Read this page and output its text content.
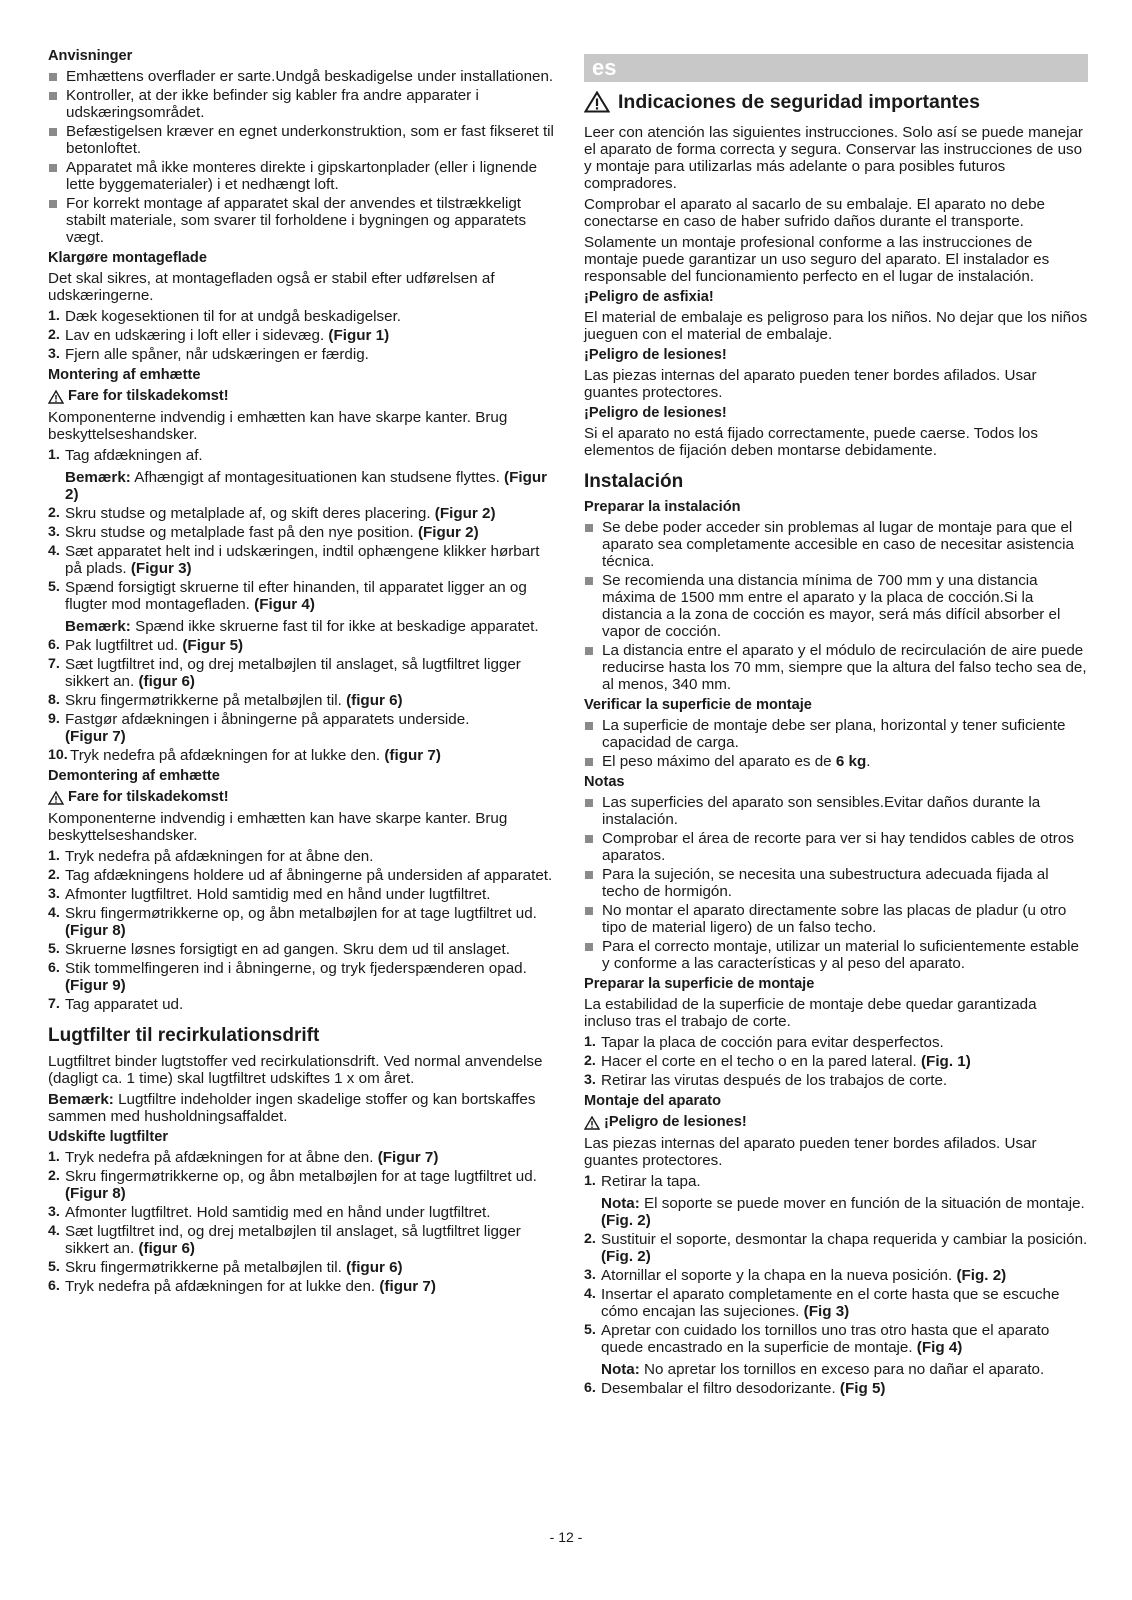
Anvisninger
Emhættens overflader er sarte.Undgå beskadigelse under installationen.
Kontroller, at der ikke befinder sig kabler fra andre apparater i udskæringsområdet.
Befæstigelsen kræver en egnet underkonstruktion, som er fast fikseret til betonloftet.
Apparatet må ikke monteres direkte i gipskartonplader (eller i lignende lette byggematerialer) i et nedhængt loft.
For korrekt montage af apparatet skal der anvendes et tilstrækkeligt stabilt materiale, som svarer til forholdene i bygningen og apparatets vægt.
Klargøre montageflade

Det skal sikres, at montagefladen også er stabil efter udførelsen af udskæringerne.

1. Dæk kogesektionen til for at undgå beskadigelser.
2. Lav en udskæring i loft eller i sidevæg. (Figur 1)
3. Fjern alle spåner, når udskæringen er færdig.
Montering af emhætte
Fare for tilskadekomst!

Komponenterne indvendig i emhætten kan have skarpe kanter. Brug beskyttelseshandsker.

1. Tag afdækningen af.
Bemærk: Afhængigt af montagesituationen kan studsene flyttes. (Figur 2)
2. Skru studse og metalplade af, og skift deres placering. (Figur 2)
3. Skru studse og metalplade fast på den nye position. (Figur 2)
4. Sæt apparatet helt ind i udskæringen, indtil ophængene klikker hørbart på plads. (Figur 3)
5. Spænd forsigtigt skruerne til efter hinanden, til apparatet ligger an og flugter mod montagefladen. (Figur 4)
Bemærk: Spænd ikke skruerne fast til for ikke at beskadige apparatet.
6. Pak lugtfiltret ud. (Figur 5)
7. Sæt lugtfiltret ind, og drej metalbøjlen til anslaget, så lugtfiltret ligger sikkert an. (figur 6)
8. Skru fingermøtrikkerne på metalbøjlen til. (figur 6)
9. Fastgør afdækningen i åbningerne på apparatets underside.
(Figur 7)
10. Tryk nedefra på afdækningen for at lukke den. (figur 7)
Demontering af emhætte
Fare for tilskadekomst!

Komponenterne indvendig i emhætten kan have skarpe kanter. Brug beskyttelseshandsker.

1. Tryk nedefra på afdækningen for at åbne den.
2. Tag afdækningens holdere ud af åbningerne på undersiden af apparatet.
3. Afmonter lugtfiltret. Hold samtidig med en hånd under lugtfiltret.
4. Skru fingermøtrikkerne op, og åbn metalbøjlen for at tage lugtfiltret ud. (Figur 8)
5. Skruerne løsnes forsigtigt en ad gangen. Skru dem ud til anslaget.
6. Stik tommelfingeren ind i åbningerne, og tryk fjederspænderen opad. (Figur 9)
7. Tag apparatet ud.
Lugtfilter til recirkulationsdrift

Lugtfiltret binder lugtstoffer ved recirkulationsdrift. Ved normal anvendelse (dagligt ca. 1 time) skal lugtfiltret udskiftes 1 x om året.

Bemærk: Lugtfiltre indeholder ingen skadelige stoffer og kan bortskaffes sammen med husholdningsaffaldet.

Udskifte lugtfilter
1. Tryk nedefra på afdækningen for at åbne den. (Figur 7)
2. Skru fingermøtrikkerne op, og åbn metalbøjlen for at tage lugtfiltret ud. (Figur 8)
3. Afmonter lugtfiltret. Hold samtidig med en hånd under lugtfiltret.
4. Sæt lugtfiltret ind, og drej metalbøjlen til anslaget, så lugtfiltret ligger sikkert an. (figur 6)
5. Skru fingermøtrikkerne på metalbøjlen til. (figur 6)
6. Tryk nedefra på afdækningen for at lukke den. (figur 7)
es
Indicaciones de seguridad importantes

Leer con atención las siguientes instrucciones. Solo así se puede manejar el aparato de forma correcta y segura. Conservar las instrucciones de uso y montaje para utilizarlas más adelante o para posibles futuros compradores.

Comprobar el aparato al sacarlo de su embalaje. El aparato no debe conectarse en caso de haber sufrido daños durante el transporte.

Solamente un montaje profesional conforme a las instrucciones de montaje puede garantizar un uso seguro del aparato. El instalador es responsable del funcionamiento perfecto en el lugar de instalación.

¡Peligro de asfixia!

El material de embalaje es peligroso para los niños. No dejar que los niños jueguen con el material de embalaje.

¡Peligro de lesiones!

Las piezas internas del aparato pueden tener bordes afilados. Usar guantes protectores.

¡Peligro de lesiones!

Si el aparato no está fijado correctamente, puede caerse. Todos los elementos de fijación deben montarse debidamente.

Instalación
Preparar la instalación
Se debe poder acceder sin problemas al lugar de montaje para que el aparato sea completamente accesible en caso de necesitar asistencia técnica.
Se recomienda una distancia mínima de 700 mm y una distancia máxima de 1500 mm entre el aparato y la placa de cocción.Si la distancia a la zona de cocción es mayor, será más difícil absorber el vapor de cocción.
La distancia entre el aparato y el módulo de recirculación de aire puede reducirse hasta los 70 mm, siempre que la altura del falso techo sea de, al menos, 340 mm.
Verificar la superficie de montaje
La superficie de montaje debe ser plana, horizontal y tener suficiente capacidad de carga.
El peso máximo del aparato es de 6 kg.
Notas
Las superficies del aparato son sensibles.Evitar daños durante la instalación.
Comprobar el área de recorte para ver si hay tendidos cables de otros aparatos.
Para la sujeción, se necesita una subestructura adecuada fijada al techo de hormigón.
No montar el aparato directamente sobre las placas de pladur (u otro tipo de material ligero) de un falso techo.
Para el correcto montaje, utilizar un material lo suficientemente estable y conforme a las características y al peso del aparato.
Preparar la superficie de montaje

La estabilidad de la superficie de montaje debe quedar garantizada incluso tras el trabajo de corte.

1. Tapar la placa de cocción para evitar desperfectos.
2. Hacer el corte en el techo o en la pared lateral. (Fig. 1)
3. Retirar las virutas después de los trabajos de corte.
Montaje del aparato
¡Peligro de lesiones!

Las piezas internas del aparato pueden tener bordes afilados. Usar guantes protectores.

1. Retirar la tapa.
Nota: El soporte se puede mover en función de la situación de montaje. (Fig. 2)
2. Sustituir el soporte, desmontar la chapa requerida y cambiar la posición. (Fig. 2)
3. Atornillar el soporte y la chapa en la nueva posición. (Fig. 2)
4. Insertar el aparato completamente en el corte hasta que se escuche cómo encajan las sujeciones. (Fig 3)
5. Apretar con cuidado los tornillos uno tras otro hasta que el aparato quede encastrado en la superficie de montaje. (Fig 4)
Nota: No apretar los tornillos en exceso para no dañar el aparato.
6. Desembalar el filtro desodorizante. (Fig 5)
- 12 -
